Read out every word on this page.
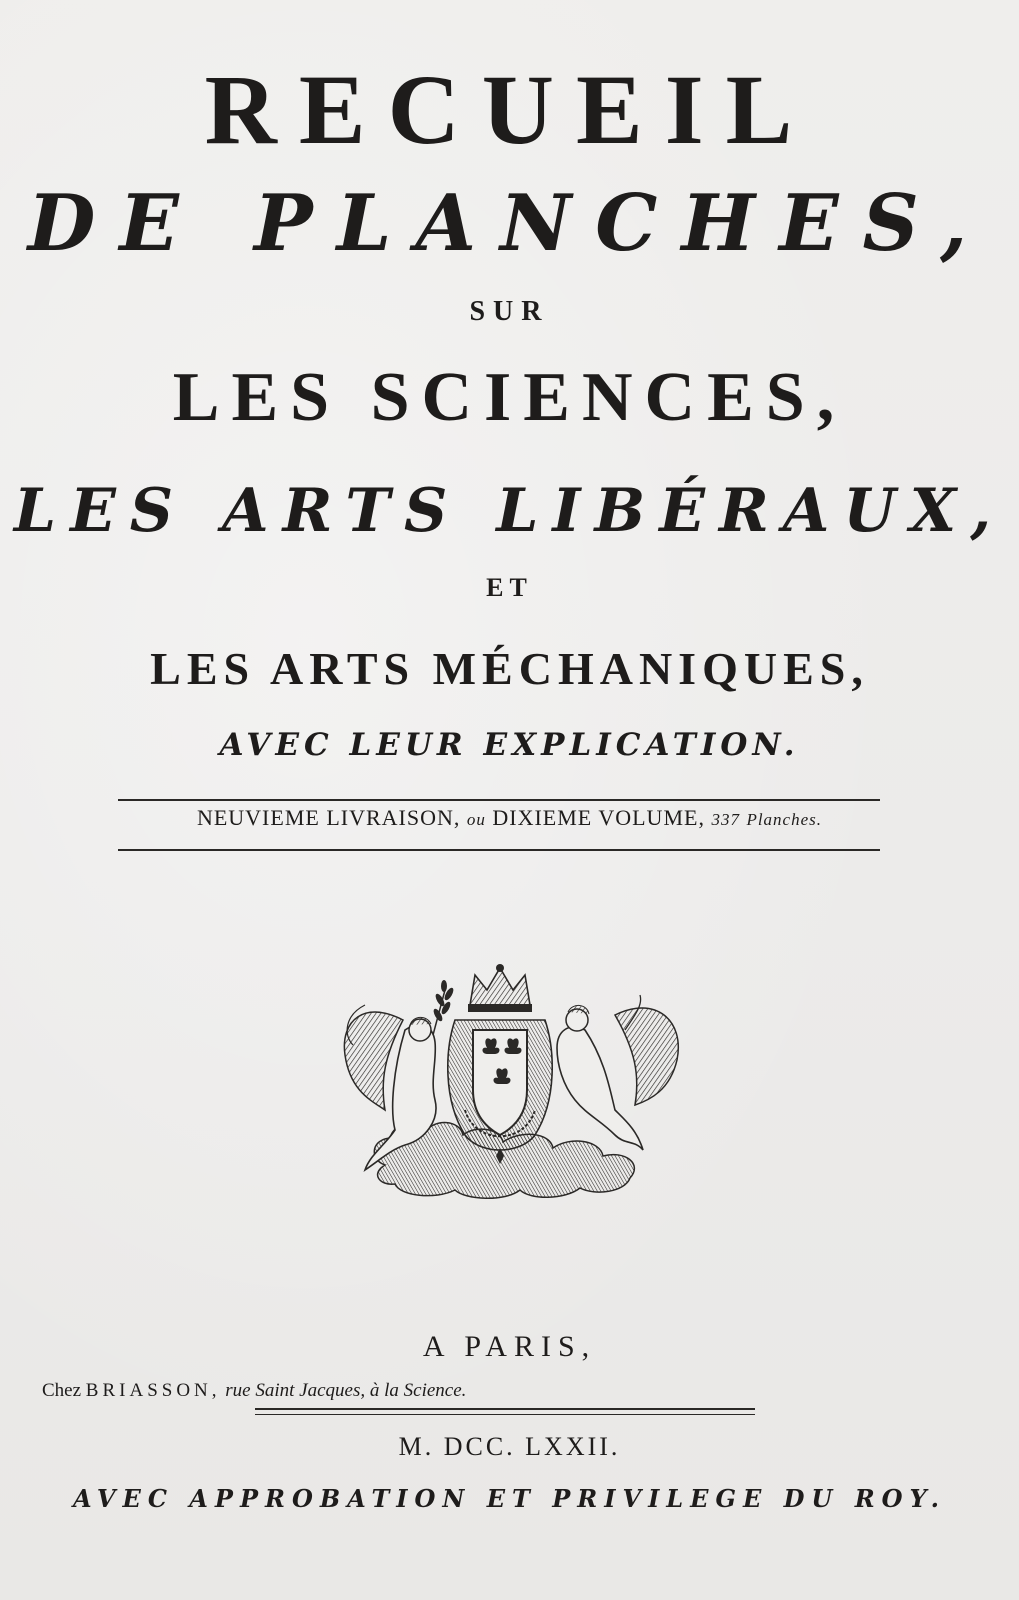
RECUEIL
DE PLANCHES,
SUR
LES SCIENCES,
LES ARTS LIBÉRAUX,
ET
LES ARTS MÉCHANIQUES,
AVEC LEUR EXPLICATION.
NEUVIEME LIVRAISON, ou DIXIEME VOLUME, 337 Planches.
A PARIS,
Chez BRIASSON, rue Saint Jacques, à la Science.
M. DCC. LXXII.
AVEC APPROBATION ET PRIVILEGE DU ROY.
